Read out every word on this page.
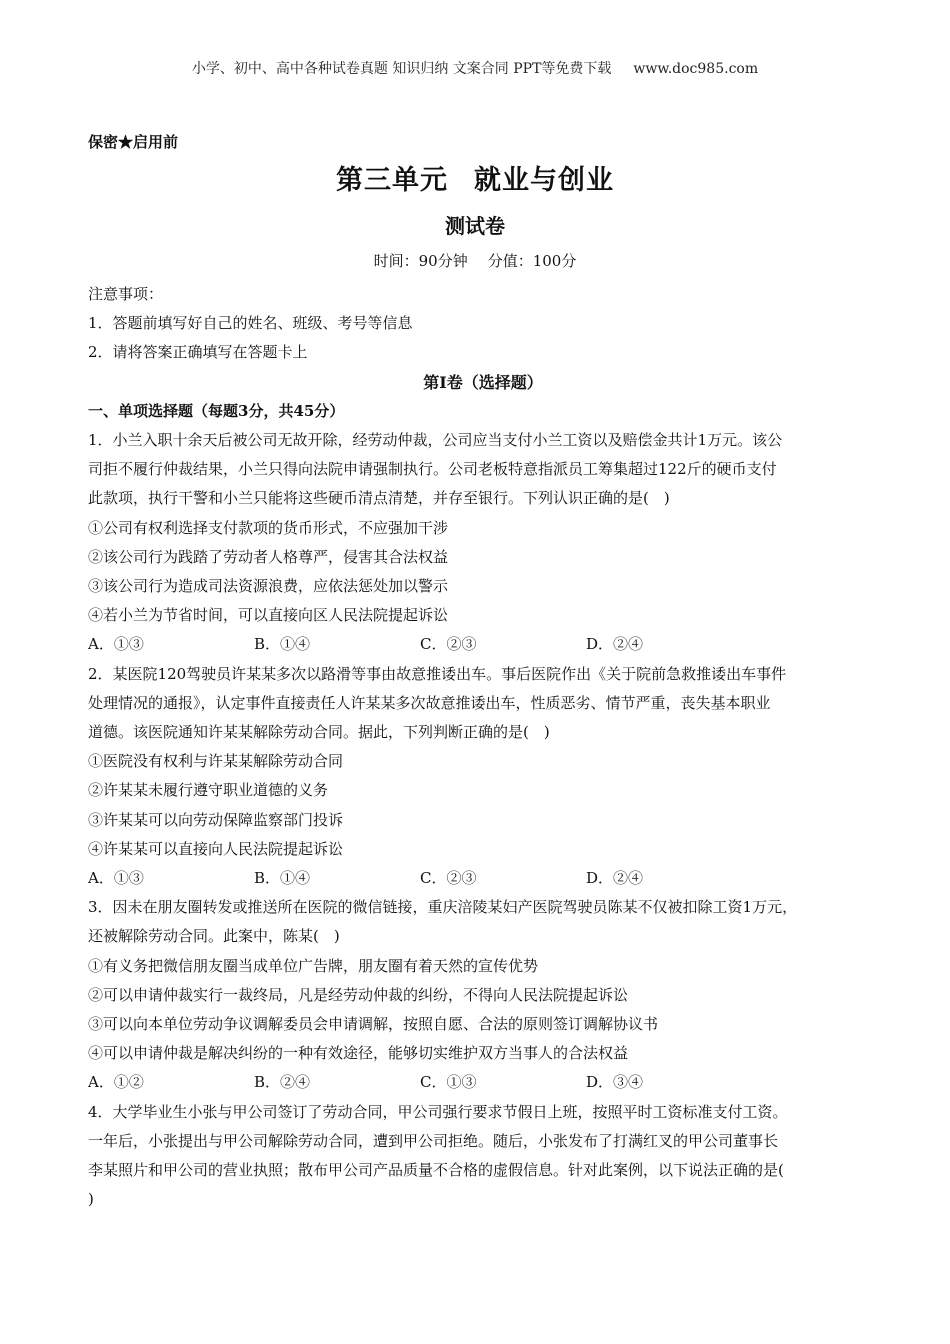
小学、初中、高中各种试卷真题 知识归纳 文案合同 PPT等免费下载 www.doc985.com
保密★启用前
第三单元 就业与创业
测试卷
时间：90分钟 分值：100分
注意事项：
1．答题前填写好自己的姓名、班级、考号等信息
2．请将答案正确填写在答题卡上
第I卷（选择题）
一、单项选择题（每题3分，共45分）
1．小兰入职十余天后被公司无故开除，经劳动仲裁，公司应当支付小兰工资以及赔偿金共计1万元。该公
司拒不履行仲裁结果，小兰只得向法院申请强制执行。公司老板特意指派员工筹集超过122斤的硬币支付
此款项，执行干警和小兰只能将这些硬币清点清楚，并存至银行。下列认识正确的是(　)
①公司有权利选择支付款项的货币形式，不应强加干涉
②该公司行为践踏了劳动者人格尊严，侵害其合法权益
③该公司行为造成司法资源浪费，应依法惩处加以警示
④若小兰为节省时间，可以直接向区人民法院提起诉讼
A．①③	B．①④	C．②③	D．②④
2．某医院120驾驶员许某某多次以路滑等事由故意推诿出车。事后医院作出《关于院前急救推诿出车事件
处理情况的通报》，认定事件直接责任人许某某多次故意推诿出车，性质恶劣、情节严重，丧失基本职业
道德。该医院通知许某某解除劳动合同。据此，下列判断正确的是(　)
①医院没有权利与许某某解除劳动合同
②许某某未履行遵守职业道德的义务
③许某某可以向劳动保障监察部门投诉
④许某某可以直接向人民法院提起诉讼
A．①③	B．①④	C．②③	D．②④
3．因未在朋友圈转发或推送所在医院的微信链接，重庆涪陵某妇产医院驾驶员陈某不仅被扣除工资1万元，
还被解除劳动合同。此案中，陈某(　)
①有义务把微信朋友圈当成单位广告牌，朋友圈有着天然的宣传优势
②可以申请仲裁实行一裁终局，凡是经劳动仲裁的纠纷，不得向人民法院提起诉讼
③可以向本单位劳动争议调解委员会申请调解，按照自愿、合法的原则签订调解协议书
④可以申请仲裁是解决纠纷的一种有效途径，能够切实维护双方当事人的合法权益
A．①②	B．②④	C．①③	D．③④
4．大学毕业生小张与甲公司签订了劳动合同，甲公司强行要求节假日上班，按照平时工资标准支付工资。
一年后，小张提出与甲公司解除劳动合同，遭到甲公司拒绝。随后，小张发布了打满红叉的甲公司董事长
李某照片和甲公司的营业执照；散布甲公司产品质量不合格的虚假信息。针对此案例，以下说法正确的是(
)
